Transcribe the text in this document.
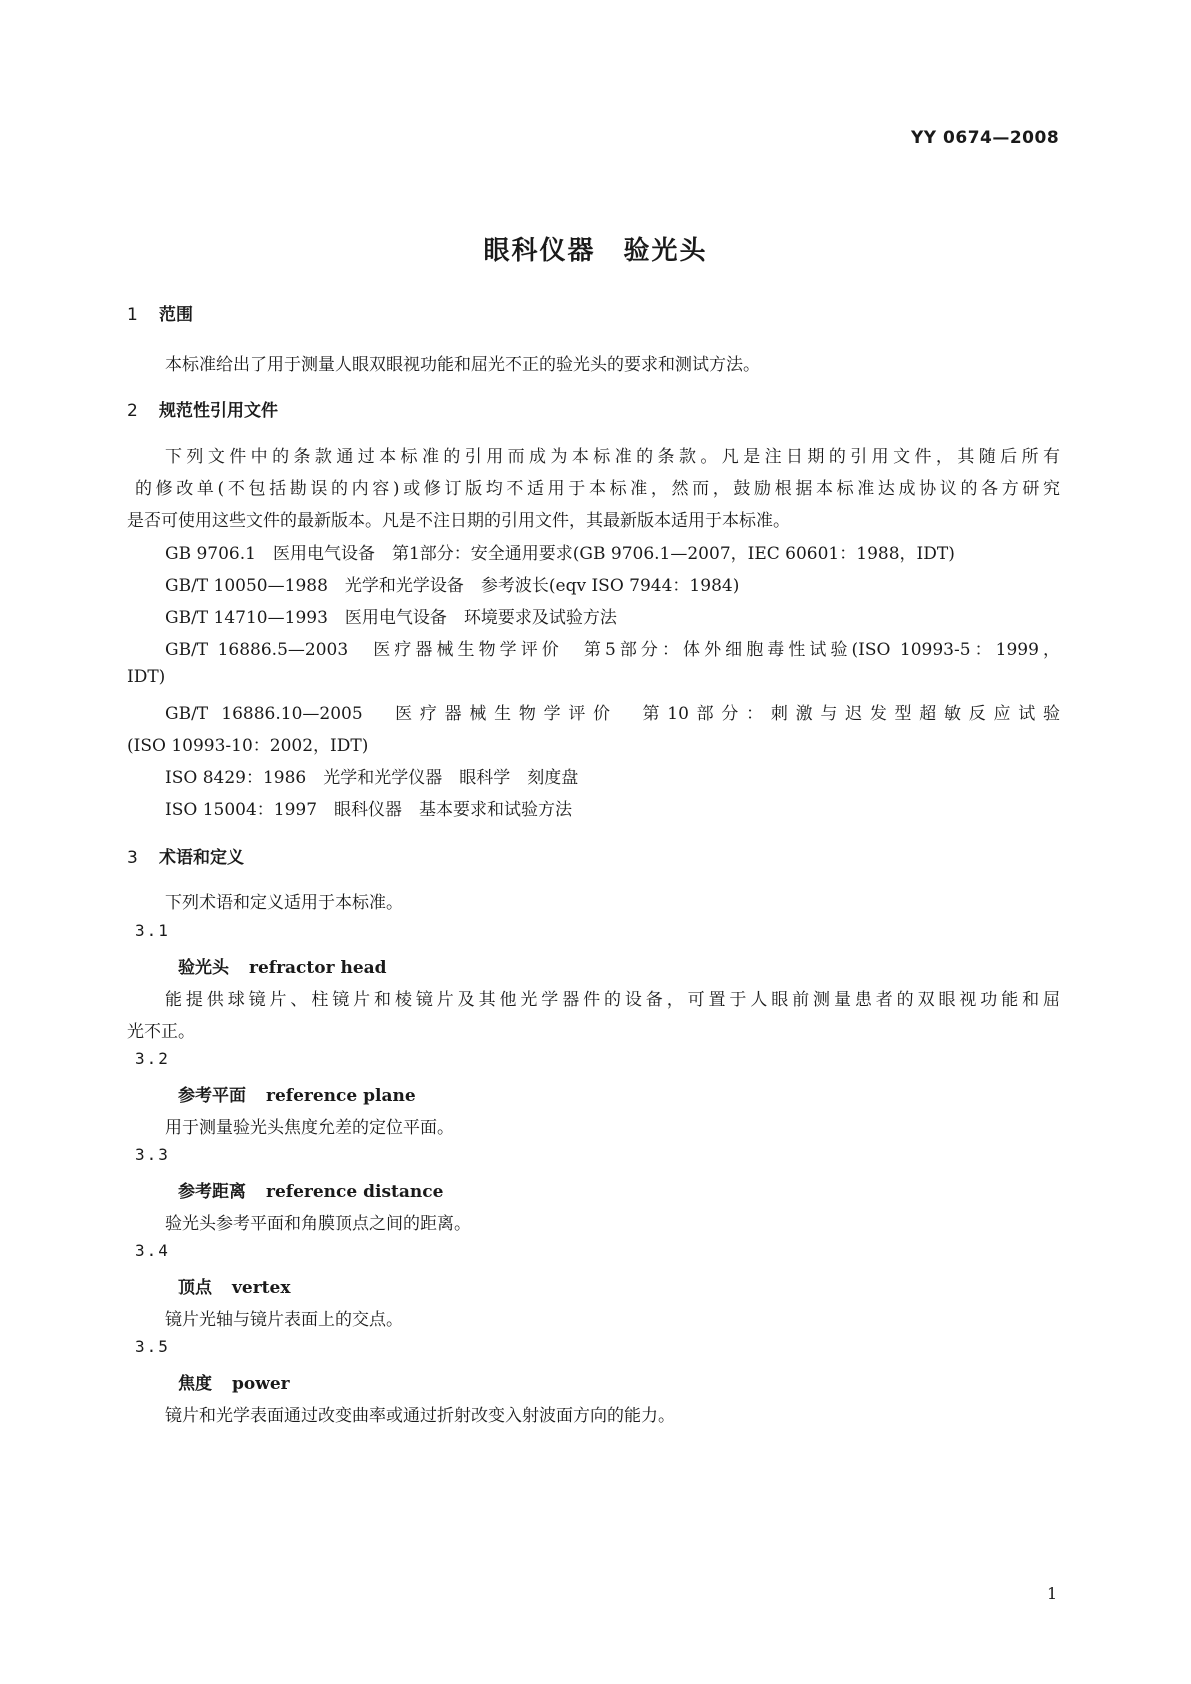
YY 0674—2008
眼科仪器　验光头
1 范围
本标准给出了用于测量人眼双眼视功能和屈光不正的验光头的要求和测试方法。
2 规范性引用文件
下列文件中的条款通过本标准的引用而成为本标准的条款。凡是注日期的引用文件，其随后所有
的修改单(不包括勘误的内容)或修订版均不适用于本标准，然而，鼓励根据本标准达成协议的各方研究
是否可使用这些文件的最新版本。凡是不注日期的引用文件，其最新版本适用于本标准。
GB 9706.1　医用电气设备　第1部分：安全通用要求(GB 9706.1—2007，IEC 60601：1988，IDT)
GB/T 10050—1988　光学和光学设备　参考波长(eqv ISO 7944：1984)
GB/T 14710—1993　医用电气设备　环境要求及试验方法
GB/T 16886.5—2003　医疗器械生物学评价　第5部分：体外细胞毒性试验(ISO 10993-5：1999，
IDT)
GB/T 16886.10—2005　医疗器械生物学评价　第10部分：刺激与迟发型超敏反应试验
(ISO 10993-10：2002，IDT)
ISO 8429：1986　光学和光学仪器　眼科学　刻度盘
ISO 15004：1997　眼科仪器　基本要求和试验方法
3 术语和定义
下列术语和定义适用于本标准。
3.1
验光头 refractor head
能提供球镜片、柱镜片和棱镜片及其他光学器件的设备，可置于人眼前测量患者的双眼视功能和屈
光不正。
3.2
参考平面 reference plane
用于测量验光头焦度允差的定位平面。
3.3
参考距离 reference distance
验光头参考平面和角膜顶点之间的距离。
3.4
顶点 vertex
镜片光轴与镜片表面上的交点。
3.5
焦度 power
镜片和光学表面通过改变曲率或通过折射改变入射波面方向的能力。
1
